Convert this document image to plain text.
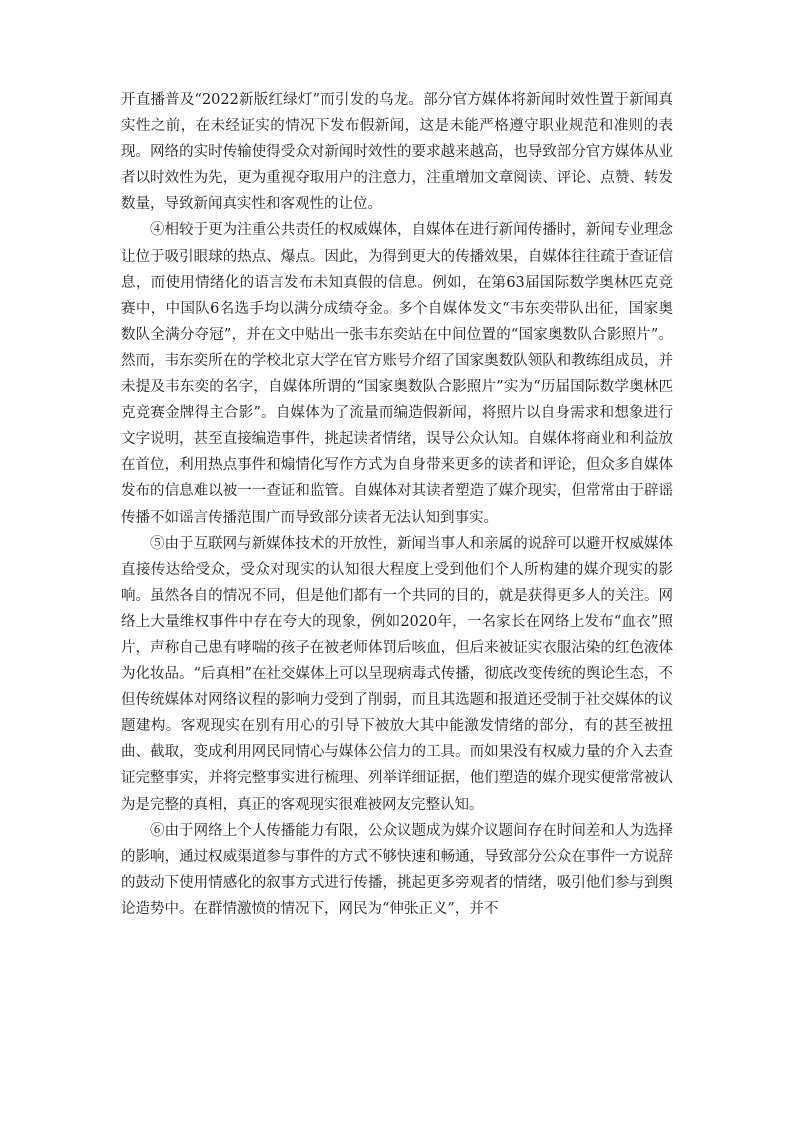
开直播普及“2022新版红绿灯”而引发的乌龙。部分官方媒体将新闻时效性置于新闻真实性之前，在未经证实的情况下发布假新闻，这是未能严格遵守职业规范和准则的表现。网络的实时传输使得受众对新闻时效性的要求越来越高，也导致部分官方媒体从业者以时效性为先，更为重视夺取用户的注意力，注重增加文章阅读、评论、点赞、转发数量，导致新闻真实性和客观性的让位。

④相较于更为注重公共责任的权威媒体，自媒体在进行新闻传播时，新闻专业理念让位于吸引眼球的热点、爆点。因此，为得到更大的传播效果，自媒体往往疏于查证信息，而使用情绪化的语言发布未知真假的信息。例如，在第63届国际数学奥林匹克竞赛中，中国队6名选手均以满分成绩夺金。多个自媒体发文“韦东奕带队出征，国家奥数队全满分夺冠”，并在文中贴出一张韦东奕站在中间位置的“国家奥数队合影照片”。然而，韦东奕所在的学校北京大学在官方账号介绍了国家奥数队领队和教练组成员，并未提及韦东奕的名字，自媒体所谓的“国家奥数队合影照片”实为“历届国际数学奥林匹克竞赛金牌得主合影”。自媒体为了流量而编造假新闻，将照片以自身需求和想象进行文字说明，甚至直接编造事件，挑起读者情绪，误导公众认知。自媒体将商业和利益放在首位，利用热点事件和煽情化写作方式为自身带来更多的读者和评论，但众多自媒体发布的信息难以被一一查证和监管。自媒体对其读者塑造了媒介现实，但常常由于辟谣传播不如谣言传播范围广而导致部分读者无法认知到事实。

⑤由于互联网与新媒体技术的开放性，新闻当事人和亲属的说辞可以避开权威媒体直接传达给受众，受众对现实的认知很大程度上受到他们个人所构建的媒介现实的影响。虽然各自的情况不同，但是他们都有一个共同的目的，就是获得更多人的关注。网络上大量维权事件中存在夸大的现象，例如2020年，一名家长在网络上发布“血衣”照片，声称自己患有哮喘的孩子在被老师体罚后咳血，但后来被证实衣服沾染的红色液体为化妆品。“后真相”在社交媒体上可以呈现病毒式传播，彻底改变传统的舆论生态，不但传统媒体对网络议程的影响力受到了削弱，而且其选题和报道还受制于社交媒体的议题建构。客观现实在别有用心的引导下被放大其中能激发情绪的部分，有的甚至被扭曲、截取，变成利用网民同情心与媒体公信力的工具。而如果没有权威力量的介入去查证完整事实，并将完整事实进行梳理、列举详细证据，他们塑造的媒介现实便常常被认为是完整的真相，真正的客观现实很难被网友完整认知。

⑥由于网络上个人传播能力有限，公众议题成为媒介议题间存在时间差和人为选择的影响，通过权威渠道参与事件的方式不够快速和畅通，导致部分公众在事件一方说辞的鼓动下使用情感化的叙事方式进行传播，挑起更多旁观者的情绪，吸引他们参与到舆论造势中。在群情激愤的情况下，网民为“伸张正义”，并不
